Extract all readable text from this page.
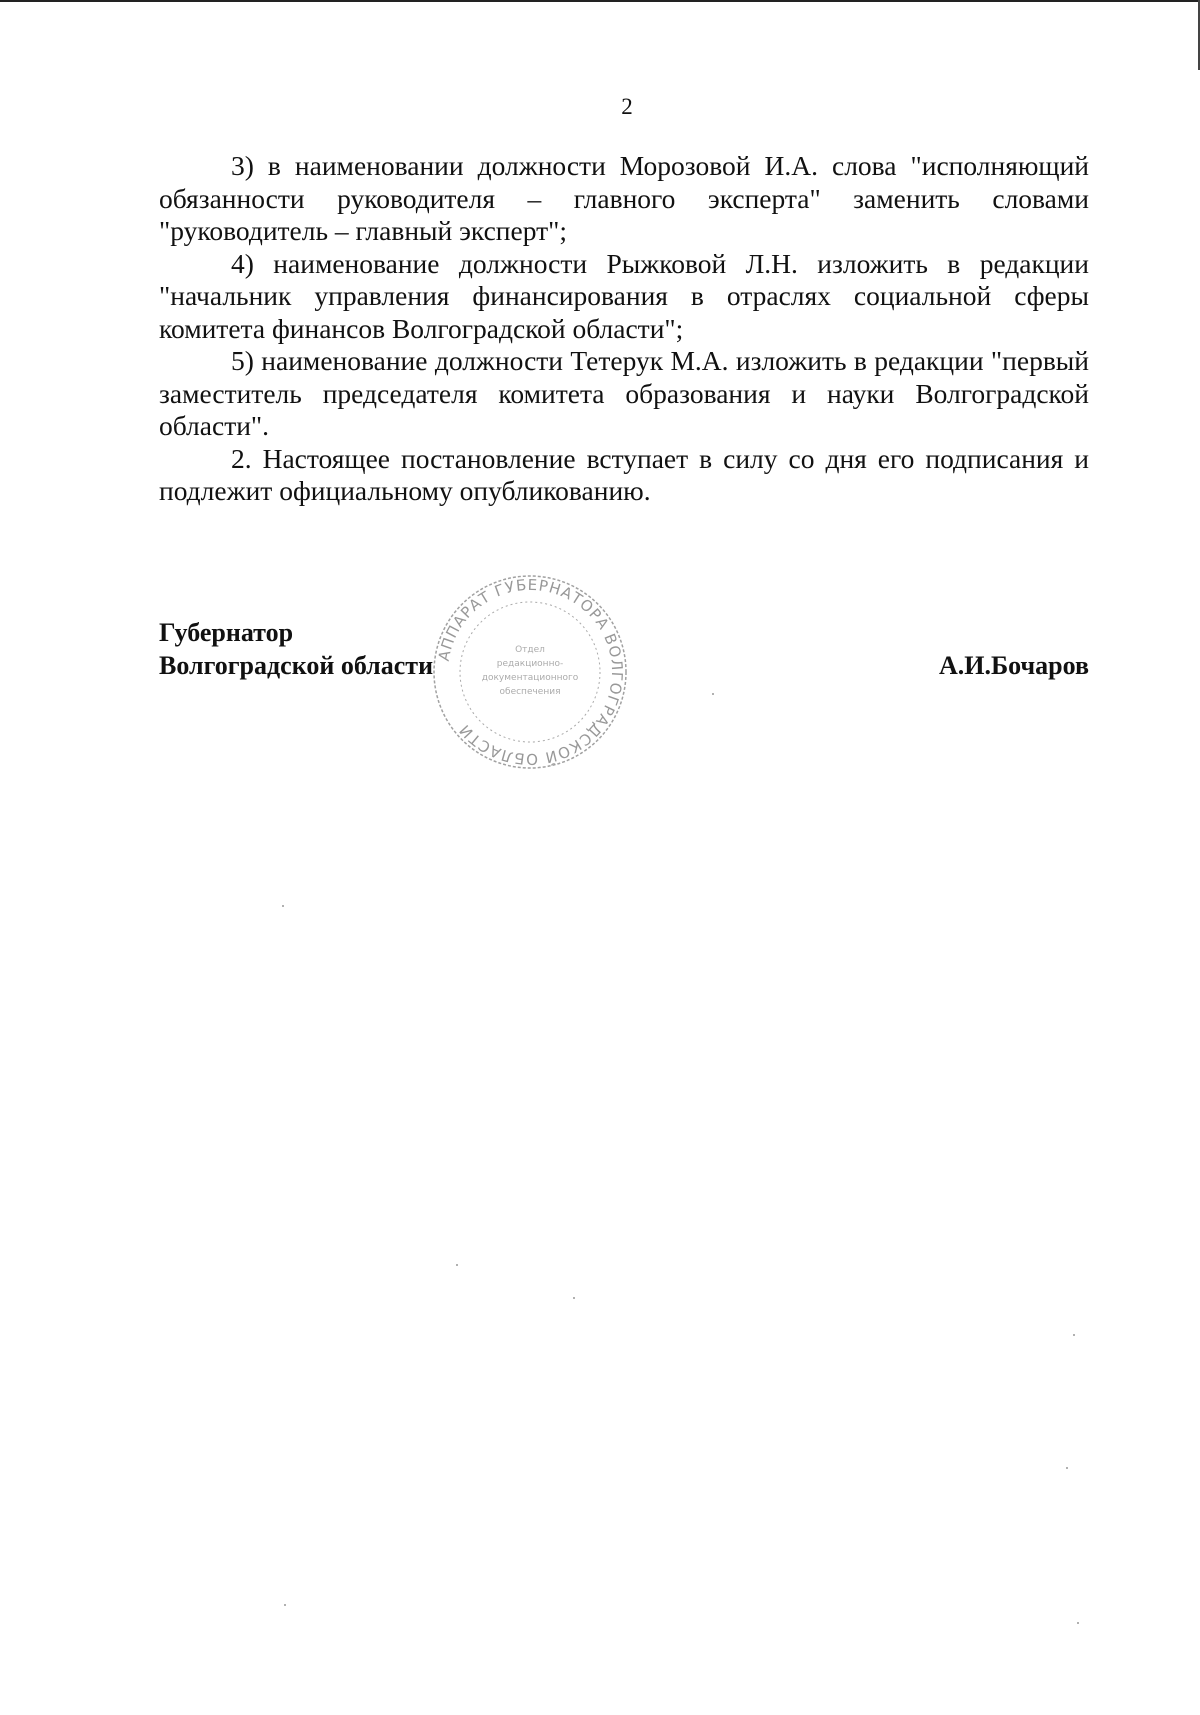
2

3) в наименовании должности Морозовой И.А. слова "исполняющий обязанности руководителя – главного эксперта" заменить словами "руководитель – главный эксперт";

4) наименование должности Рыжковой Л.Н. изложить в редакции "начальник управления финансирования в отраслях социальной сферы комитета финансов Волгоградской области";

5) наименование должности Тетерук М.А. изложить в редакции "первый заместитель председателя комитета образования и науки Волгоградской области".

2. Настоящее постановление вступает в силу со дня его подписания и подлежит официальному опубликованию.

Губернатор
Волгоградской области	А.И.Бочаров
АППАРАТ ГУБЕРНАТОРА ВОЛГОГРАДСКОЙ ОБЛАСТИ
Отдел
редакционно-
документационного
обеспечения
